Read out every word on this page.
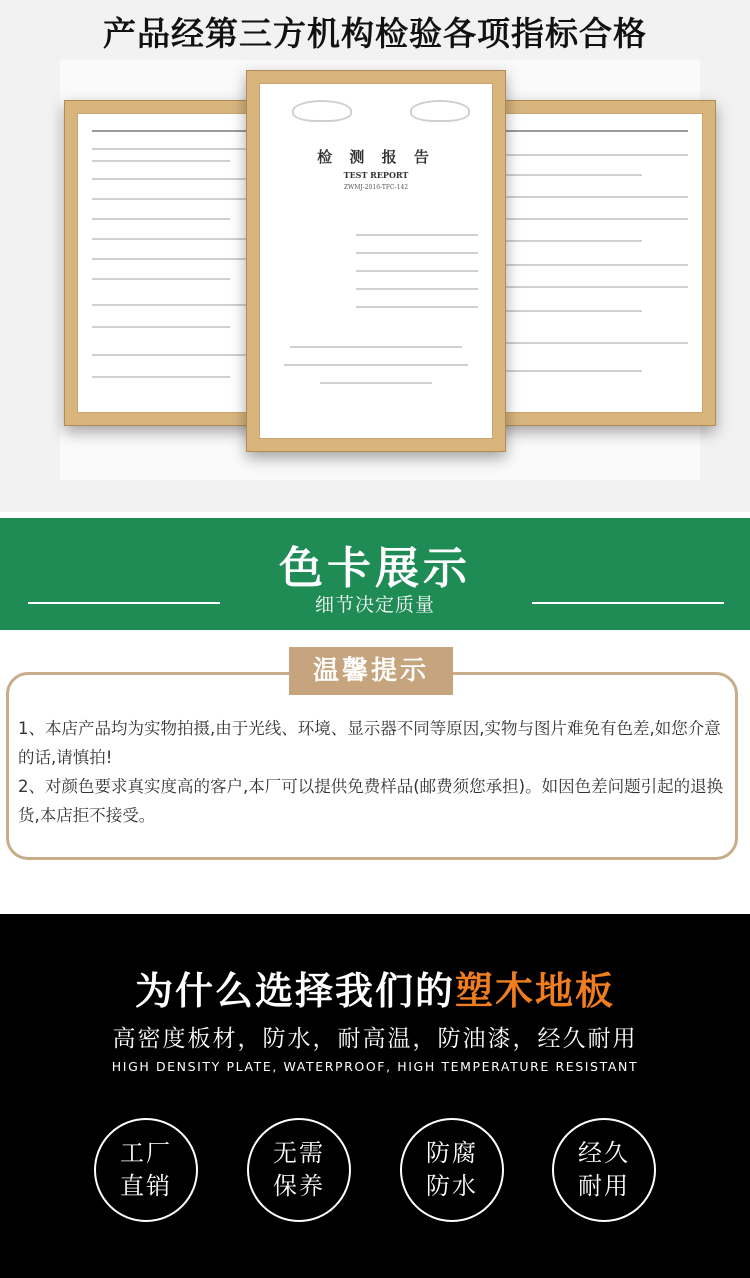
产品经第三方机构检验各项指标合格
检 测 报 告
TEST REPORT
ZWMJ-2016-TFC-142
色卡展示
细节决定质量
温馨提示

1、本店产品均为实物拍摄,由于光线、环境、显示器不同等原因,实物与图片难免有色差,如您介意的话,请慎拍!

2、对颜色要求真实度高的客户,本厂可以提供免费样品(邮费须您承担)。如因色差问题引起的退换货,本店拒不接受。

为什么选择我们的塑木地板
高密度板材，防水，耐高温，防油漆，经久耐用
HIGH DENSITY PLATE, WATERPROOF, HIGH TEMPERATURE RESISTANT
工厂
直销
无需
保养
防腐
防水
经久
耐用
